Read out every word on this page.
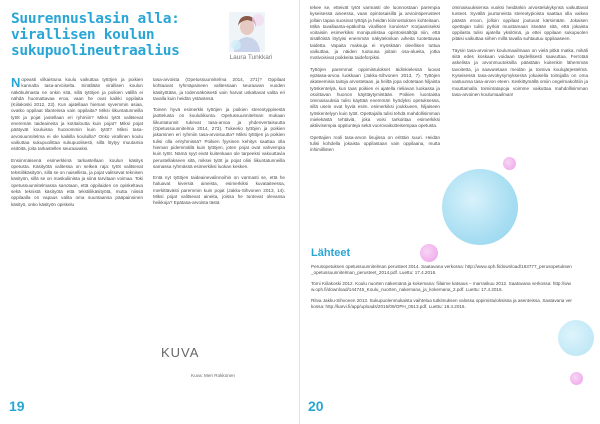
Suurennuslasin alla:
virallisen koulun
sukupuolineutraalius	Laura Tunkkari

Nopeasti vilkaistuna koulu vaikuttaa tyttöjen ja poikien kannalta tasa-arvoiselta. Sinällään virallisen koulun näkökulmasta ne onkin sitä, sillä tyttöjen ja poikien välillä ei nähdä huomattavaa eroa, vaan he ovat kaikki oppilaita (Kiilakoski 2012, 22). Kun ajatellaan hieman syvemmin asiaa, ovatko oppilaat tilanteissa vain oppilaita? Miksi liikuntatunneilla tytöt ja pojat jaotellaan eri ryhmiin? Miksi tytöt valitsevat enemmän taideaineita ja kotitaloutta kuin pojat? Miksi pojat päätyvät kouluissa huonommin kuin tytöt? Miksi tasa-arvosuunnitelma ei ole kaikilla kouluilla? Onko virallinen koulu vaikuttaa sukupuolittaa sukupuolisesti, sillä löytyy muutamia esitöitä, joita tarkastellen seuraavaksi.

Ensimmäisenä esimerkkinä tarkastellaan koulun käsitys opetusta. Käsityötä valitessa on selkeä raja: tytöt valitsevat tekstiilikäsityön, sillä se on naisellista, ja pojat valitsevat teknisen käsityön, sillä se on maskuliinista ja siinä tarvitaan voimaa. Toki opetussuunnitelmassa sanotaan, että oppilaiden on opiskeltava sekä teknistä käsityötä että tekstiilikäsityötä, mutta niissä oppilaalla on vapaus valita oma suuntaansa pääpainoinen käsityö, onko käsityön opiskelu

tasa-arvoista (Opetussuunnitelma 2014, 271)? Oppilaat kohtaavat ryhmäpaineen valitessaan seuraavan vuoden käsityötään, ja todennäköisesti vain harvat uskaltavat valita eri tavalla kuin heidän ystävänsä.

Toinen hyvä esimerkki tyttöjen ja poikien stereotyppisestä jaottelusta on koululiikunta. Opetussuunnitelman mukaan liikuntatunnit tukevat tasa-arvoa ja yhdenvertaisuutta (Opetussuunnitelma 2014, 273). Tukeeko tyttöjen ja poikien jakaminen eri ryhmiin tasa-arvoisuutta? Miksi tyttöjen ja poikien tulisi olla eriryhmissä? Poikien fyysinen kehitys saattaa olla hieman pidemmällä kuin tyttöjen, joten pojat ovat vahvempia kuin tytöt. Nämä syyt eivät kuitenkaan ole tarpeeksi vakuuttavia perustellakseen sitä, miksei tytöt ja pojat olisi liikuntatunneilla samassa ryhmässä esimerkiksi luokan kesken.

Entä nyt tyttöjen taideainevalinnoihin on varmasti se, että he haluavat kiversiä aineista, esimerkiksi kuvataiteessa, merkittävästi paremmin kuin pojat (Jakku-Sihvonen 2013, 14). Miksi pojat valitsevat aineita, joissa he tuntevat olevansa heikkoja? Epätasa-arvoista tästä

KUVA
Kuva: Meri Rokkonen
19

tekee se, etteivät tytöt varmasti ole luonnostaan parempia kyseisessä aineessa, vaan opintosaisillä ja arviointiperusteet jollain tapaa suosivat tyttöjä ja heidän kiinnostuksen kohteitaan. Mikä tavallaanta-epäkohta virallisen koruleta? Korjaamiseksi voitaisiin esimerkiksi monipuolistaa opintosisältöjä niin, että sisällöistä löytyisi enemmän näkyteknikan aiheita tuotettavaa taidetta. Vapaita maksuja ei myöskään oleellisen tuttua vaikuttaa, ja näiden tuotuusa joitain osa-alueita, jotka motivoisivat poikkeita taideforpiksi.

Tyttöjen paremmat oppimistulokset äidinkielessä luovat epätasa-arvoa luokkaan (Jakku-Sihvonen 2013, 7). Tyttöjen akateemisia taitoja arvostetaan, ja heiltä jopa odotetaan hiljaista työskentelyä, kun taas poikien ei ajatella rieliavan luokassa ja osoittavan huonon käyttäytymistään. Poikien luontaista ominaisuuksia tulisi käyttää enemmän hyödyksi opetuksessa, sillä usein ovat hyviä esim. esimerkiksi joukkueen, hiljaiseen työskentelyyn kuin tytöt. Opettajalla tulisi tehdä mahdollisimman mielekästä tehtäviä, joka voisi tarkoittaa esimerkiksi aktiivisempia oppitunteja sekä vuorovaikutteisempaa opetusta.

Opettajien rooli tasa-arvon lisujissa on erittäin suuri. Heidän tulisi kohdella jokaista oppilastaan vain oppilaana, mutta inhimillisten

ominaisuuksiensa vuoksi heidänkin arvostelukykynsä vaikuttavat tunteet. Syvällä juurtuneista stereotypioista saattaa olla vaikea päästä eroon, jolloin oppilaat joutuvat kärsimään. Jokaisen opettajan tulisi pyrkiä muuttamaan itseään sitä, että jokaista oppilasta tulisi ajatella yksilöinä, ja ettei oppilaan sukupuolen pitäisi vaikuttaa siihen millä tavalla suhtautuu oppilaaseen.

Täysin tasa-arvoinen koulumaailmaan on vielä pitkä matka, mikäli siitä edes koskaan voidaan täydellisesti saavuttaa. Ferrotää askelista ja arvonmuutoksilla päästään kuitenkin lähemmäs tavoitetta, ja saavutetaan meidän ja toimiva koulujärjestelmä. Kyseisessä tasa-arvokysymyksessä jokaisella toimijalla on oma vastuunsa tasa-arvon eteen. Keskittymällä omiin ongelmakohtiin ja muuttamalla toimintatapoja voimme vaikuttaa mahdollisimman tasa-arvoinen koulumaailman!

Lähteet

Perusopetuksen opetussuunnitelman perusteet 2014. Saatavana verkossa: http://www.oph.fi/download/163777_perusopetuksen_opetussuunnitelman_perusteet_2014.pdf. Luettu: 17.4.2016.

Tomi Kiilakoski 2012. Koulu nuorten näkemänä ja kokemana: fiilaime katsaus – marraskuu 2012. Saatavana verkossa: http://www.oph.fi/download/144745_Koulu_nuorten_nakemana_ja_kokemana_2.pdf. Luettu: 17.4.2016.

Ritva Jakku-Sihvonen 2013. Sukupuolenmukaista vaihtelua tutkimuksen valossa oppimistuloksissa ja asenteissa. Saatavana verkossa: http://karvi.fi/app/uploads/2015/09/OPH_0513.pdf. Luettu: 18.4.2016.

20
